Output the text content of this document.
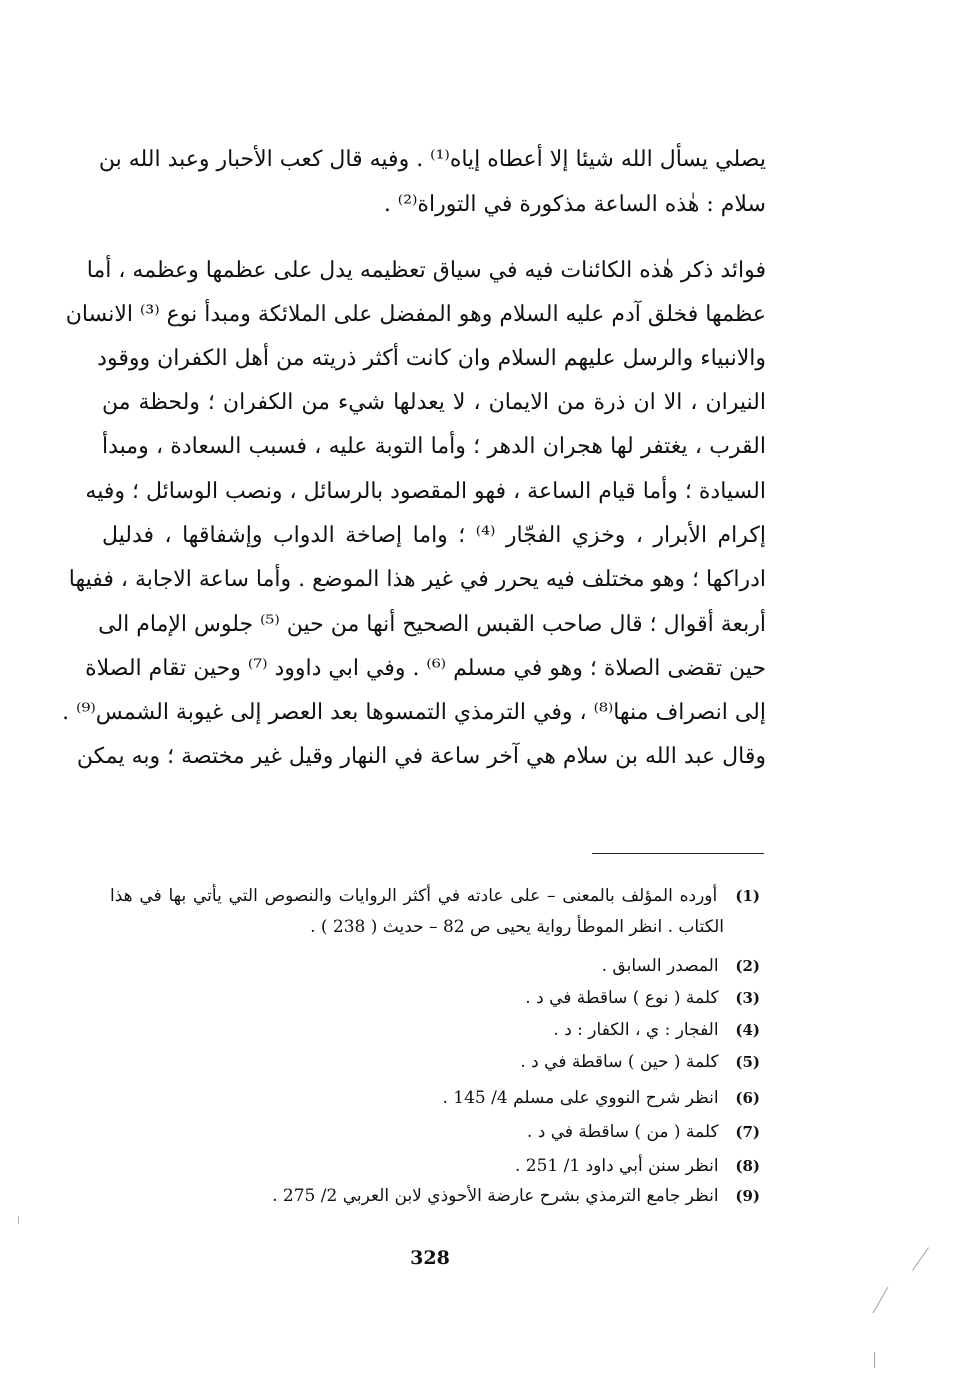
يصلي يسأل الله شيئا إلا أعطاه إياه⁽¹⁾ . وفيه قال كعب الأحبار وعبد الله بن
سلام : هٰذه الساعة مذكورة في التوراة⁽²⁾ .
فوائد ذكر هٰذه الكائنات فيه في سياق تعظيمه يدل على عظمها وعظمه ، أما
عظمها فخلق آدم عليه السلام وهو المفضل على الملائكة ومبدأ نوع ⁽³⁾ الانسان
والانبياء والرسل عليهم السلام وان كانت أكثر ذريته من أهل الكفران ووقود
النيران ، الا ان ذرة من الايمان ، لا يعدلها شيء من الكفران ؛ ولحظة من
القرب ، يغتفر لها هجران الدهر ؛ وأما التوبة عليه ، فسبب السعادة ، ومبدأ
السيادة ؛ وأما قيام الساعة ، فهو المقصود بالرسائل ، ونصب الوسائل ؛ وفيه
إكرام الأبرار ، وخزي الفجّار ⁽⁴⁾ ؛ واما إصاخة الدواب وإشفاقها ، فدليل
ادراكها ؛ وهو مختلف فيه يحرر في غير هذا الموضع . وأما ساعة الاجابة ، ففيها
أربعة أقوال ؛ قال صاحب القبس الصحيح أنها من حين ⁽⁵⁾ جلوس الإمام الى
حين تقضى الصلاة ؛ وهو في مسلم ⁽⁶⁾ . وفي ابي داوود ⁽⁷⁾ وحين تقام الصلاة
إلى انصراف منها⁽⁸⁾ ، وفي الترمذي التمسوها بعد العصر إلى غيوبة الشمس⁽⁹⁾ .
وقال عبد الله بن سلام هي آخر ساعة في النهار وقيل غير مختصة ؛ وبه يمكن
(1) أورده المؤلف بالمعنى – على عادته في أكثر الروايات والنصوص التي يأتي بها في هذا
الكتاب . انظر الموطأ رواية يحيى ص 82 – حديث ( 238 ) .
(2) المصدر السابق .
(3) كلمة ( نوع ) ساقطة في د .
(4) الفجار : ي ، الكفار : د .
(5) كلمة ( حين ) ساقطة في د .
(6) انظر شرح النووي على مسلم 4/ 145 .
(7) كلمة ( من ) ساقطة في د .
(8) انظر سنن أبي داود 1/ 251 .
(9) انظر جامع الترمذي بشرح عارضة الأحوذي لابن العربي 2/ 275 .
328
